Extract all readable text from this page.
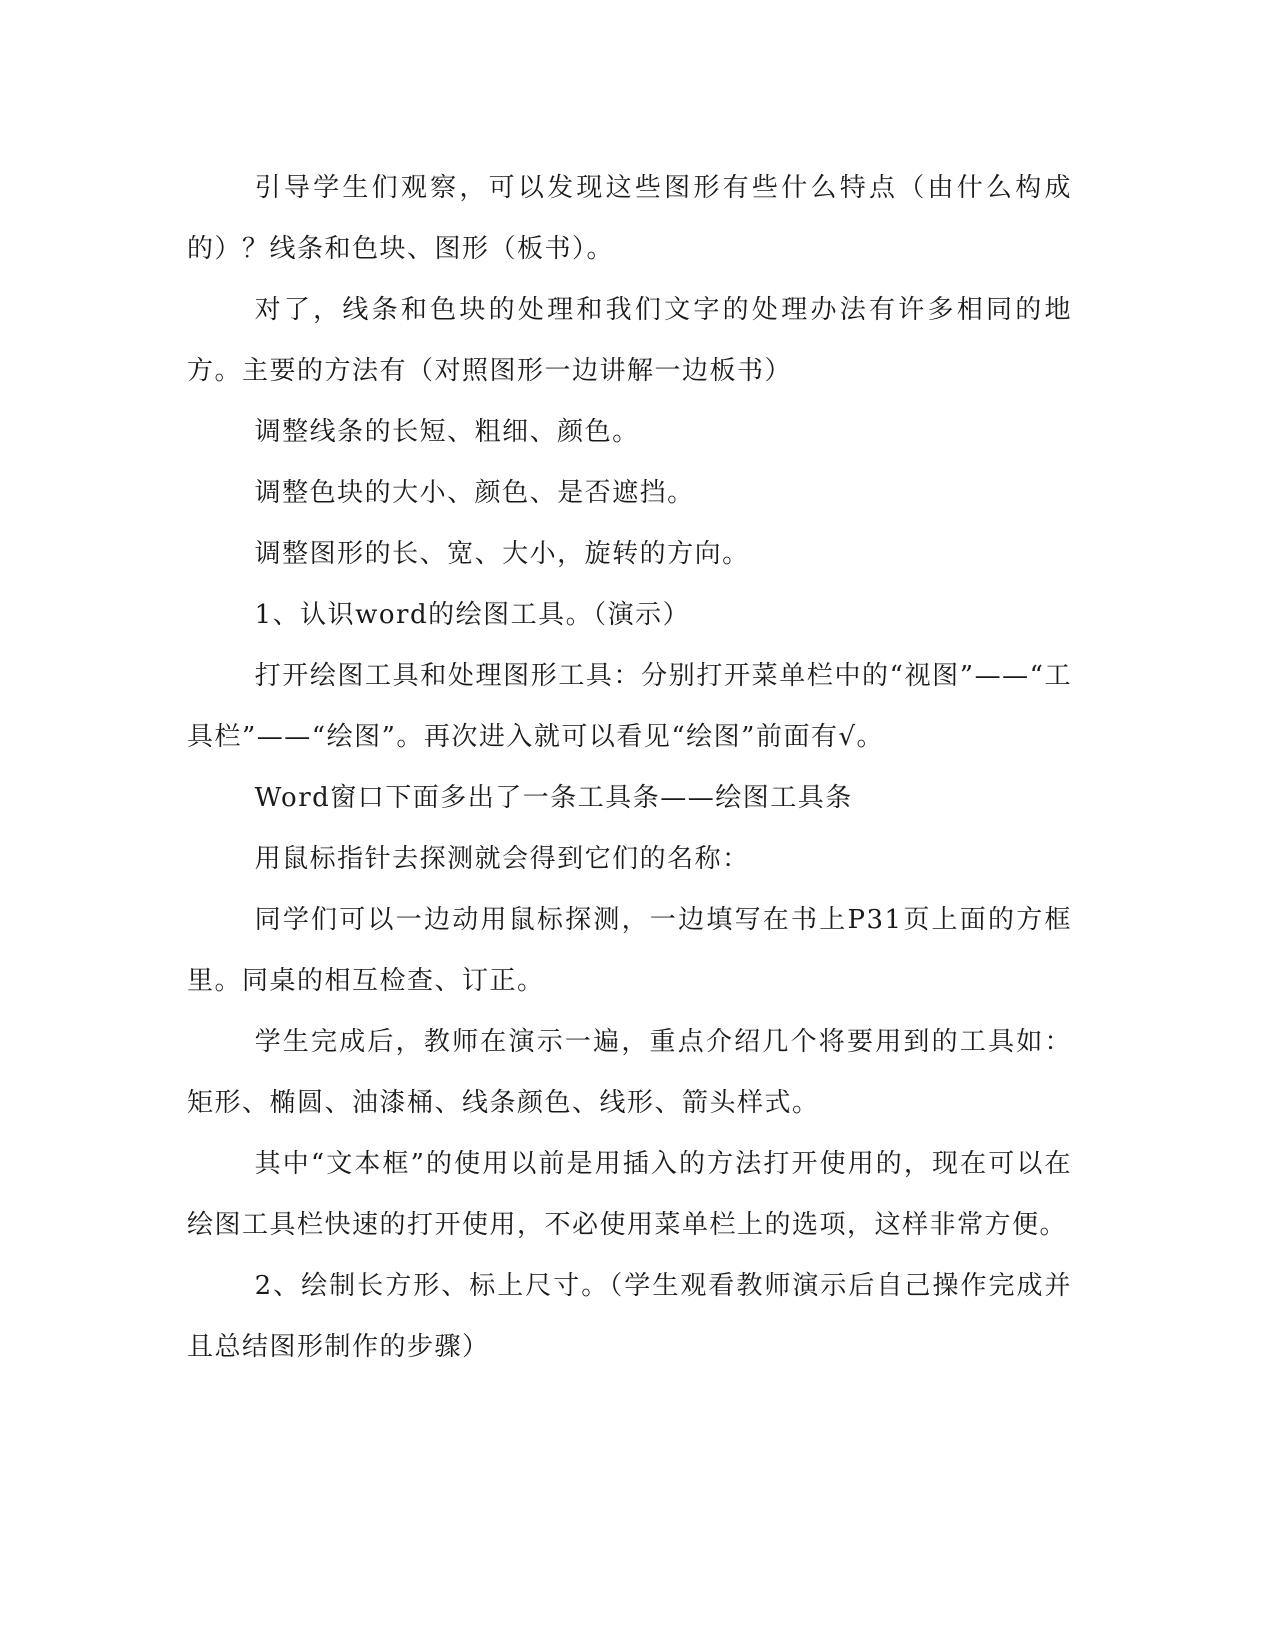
引导学生们观察，可以发现这些图形有些什么特点（由什么构成的）？线条和色块、图形（板书）。

对了，线条和色块的处理和我们文字的处理办法有许多相同的地方。主要的方法有（对照图形一边讲解一边板书）

调整线条的长短、粗细、颜色。

调整色块的大小、颜色、是否遮挡。

调整图形的长、宽、大小，旋转的方向。

1、认识word的绘图工具。（演示）

打开绘图工具和处理图形工具：分别打开菜单栏中的“视图”——“工具栏”——“绘图”。再次进入就可以看见“绘图”前面有√。

Word窗口下面多出了一条工具条——绘图工具条

用鼠标指针去探测就会得到它们的名称：

同学们可以一边动用鼠标探测，一边填写在书上P31页上面的方框里。同桌的相互检查、订正。

学生完成后，教师在演示一遍，重点介绍几个将要用到的工具如：矩形、椭圆、油漆桶、线条颜色、线形、箭头样式。

其中“文本框”的使用以前是用插入的方法打开使用的，现在可以在绘图工具栏快速的打开使用，不必使用菜单栏上的选项，这样非常方便。

2、绘制长方形、标上尺寸。（学生观看教师演示后自己操作完成并且总结图形制作的步骤）
